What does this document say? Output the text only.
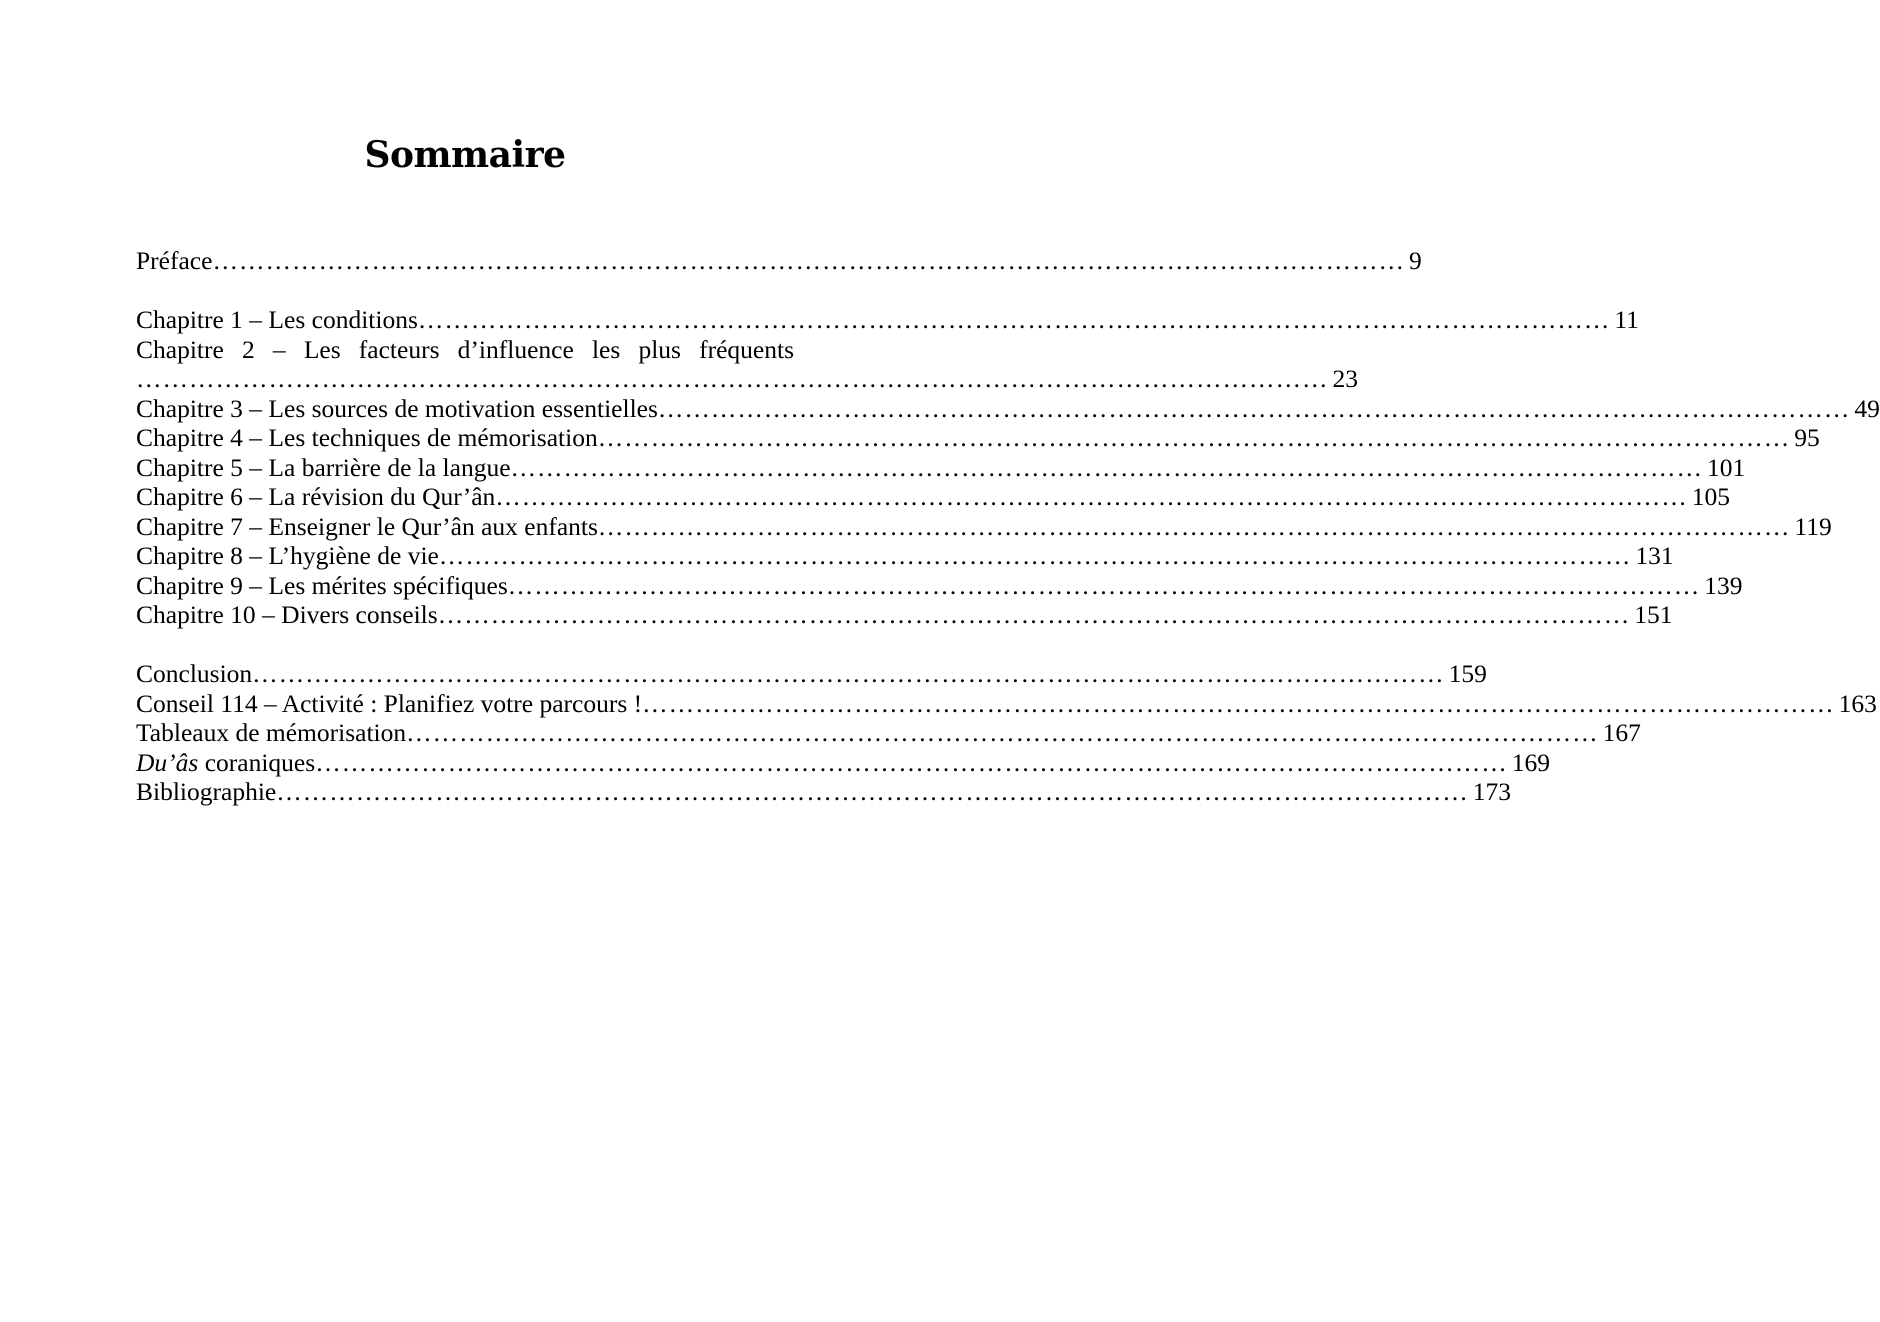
Sommaire
Préface ……………………………………………………………………………………………………………………… 9
Chapitre 1 – Les conditions ……………………………………………………………………………………………………………………… 11
Chapitre 2 – Les facteurs d’influence les plus fréquents
……………………………………………………………………………………………………………………… 23
Chapitre 3 – Les sources de motivation essentielles ……………………………………………………………………………………………………………………… 49
Chapitre 4 – Les techniques de mémorisation ……………………………………………………………………………………………………………………… 95
Chapitre 5 – La barrière de la langue ……………………………………………………………………………………………………………………… 101
Chapitre 6 – La révision du Qur’ân ……………………………………………………………………………………………………………………… 105
Chapitre 7 – Enseigner le Qur’ân aux enfants ……………………………………………………………………………………………………………………… 119
Chapitre 8 – L’hygiène de vie ……………………………………………………………………………………………………………………… 131
Chapitre 9 – Les mérites spécifiques ……………………………………………………………………………………………………………………… 139
Chapitre 10 – Divers conseils ……………………………………………………………………………………………………………………… 151
Conclusion ……………………………………………………………………………………………………………………… 159
Conseil 114 – Activité : Planifiez votre parcours ! ……………………………………………………………………………………………………………………… 163
Tableaux de mémorisation ……………………………………………………………………………………………………………………… 167
Du’âs coraniques ……………………………………………………………………………………………………………………… 169
Bibliographie ……………………………………………………………………………………………………………………… 173
